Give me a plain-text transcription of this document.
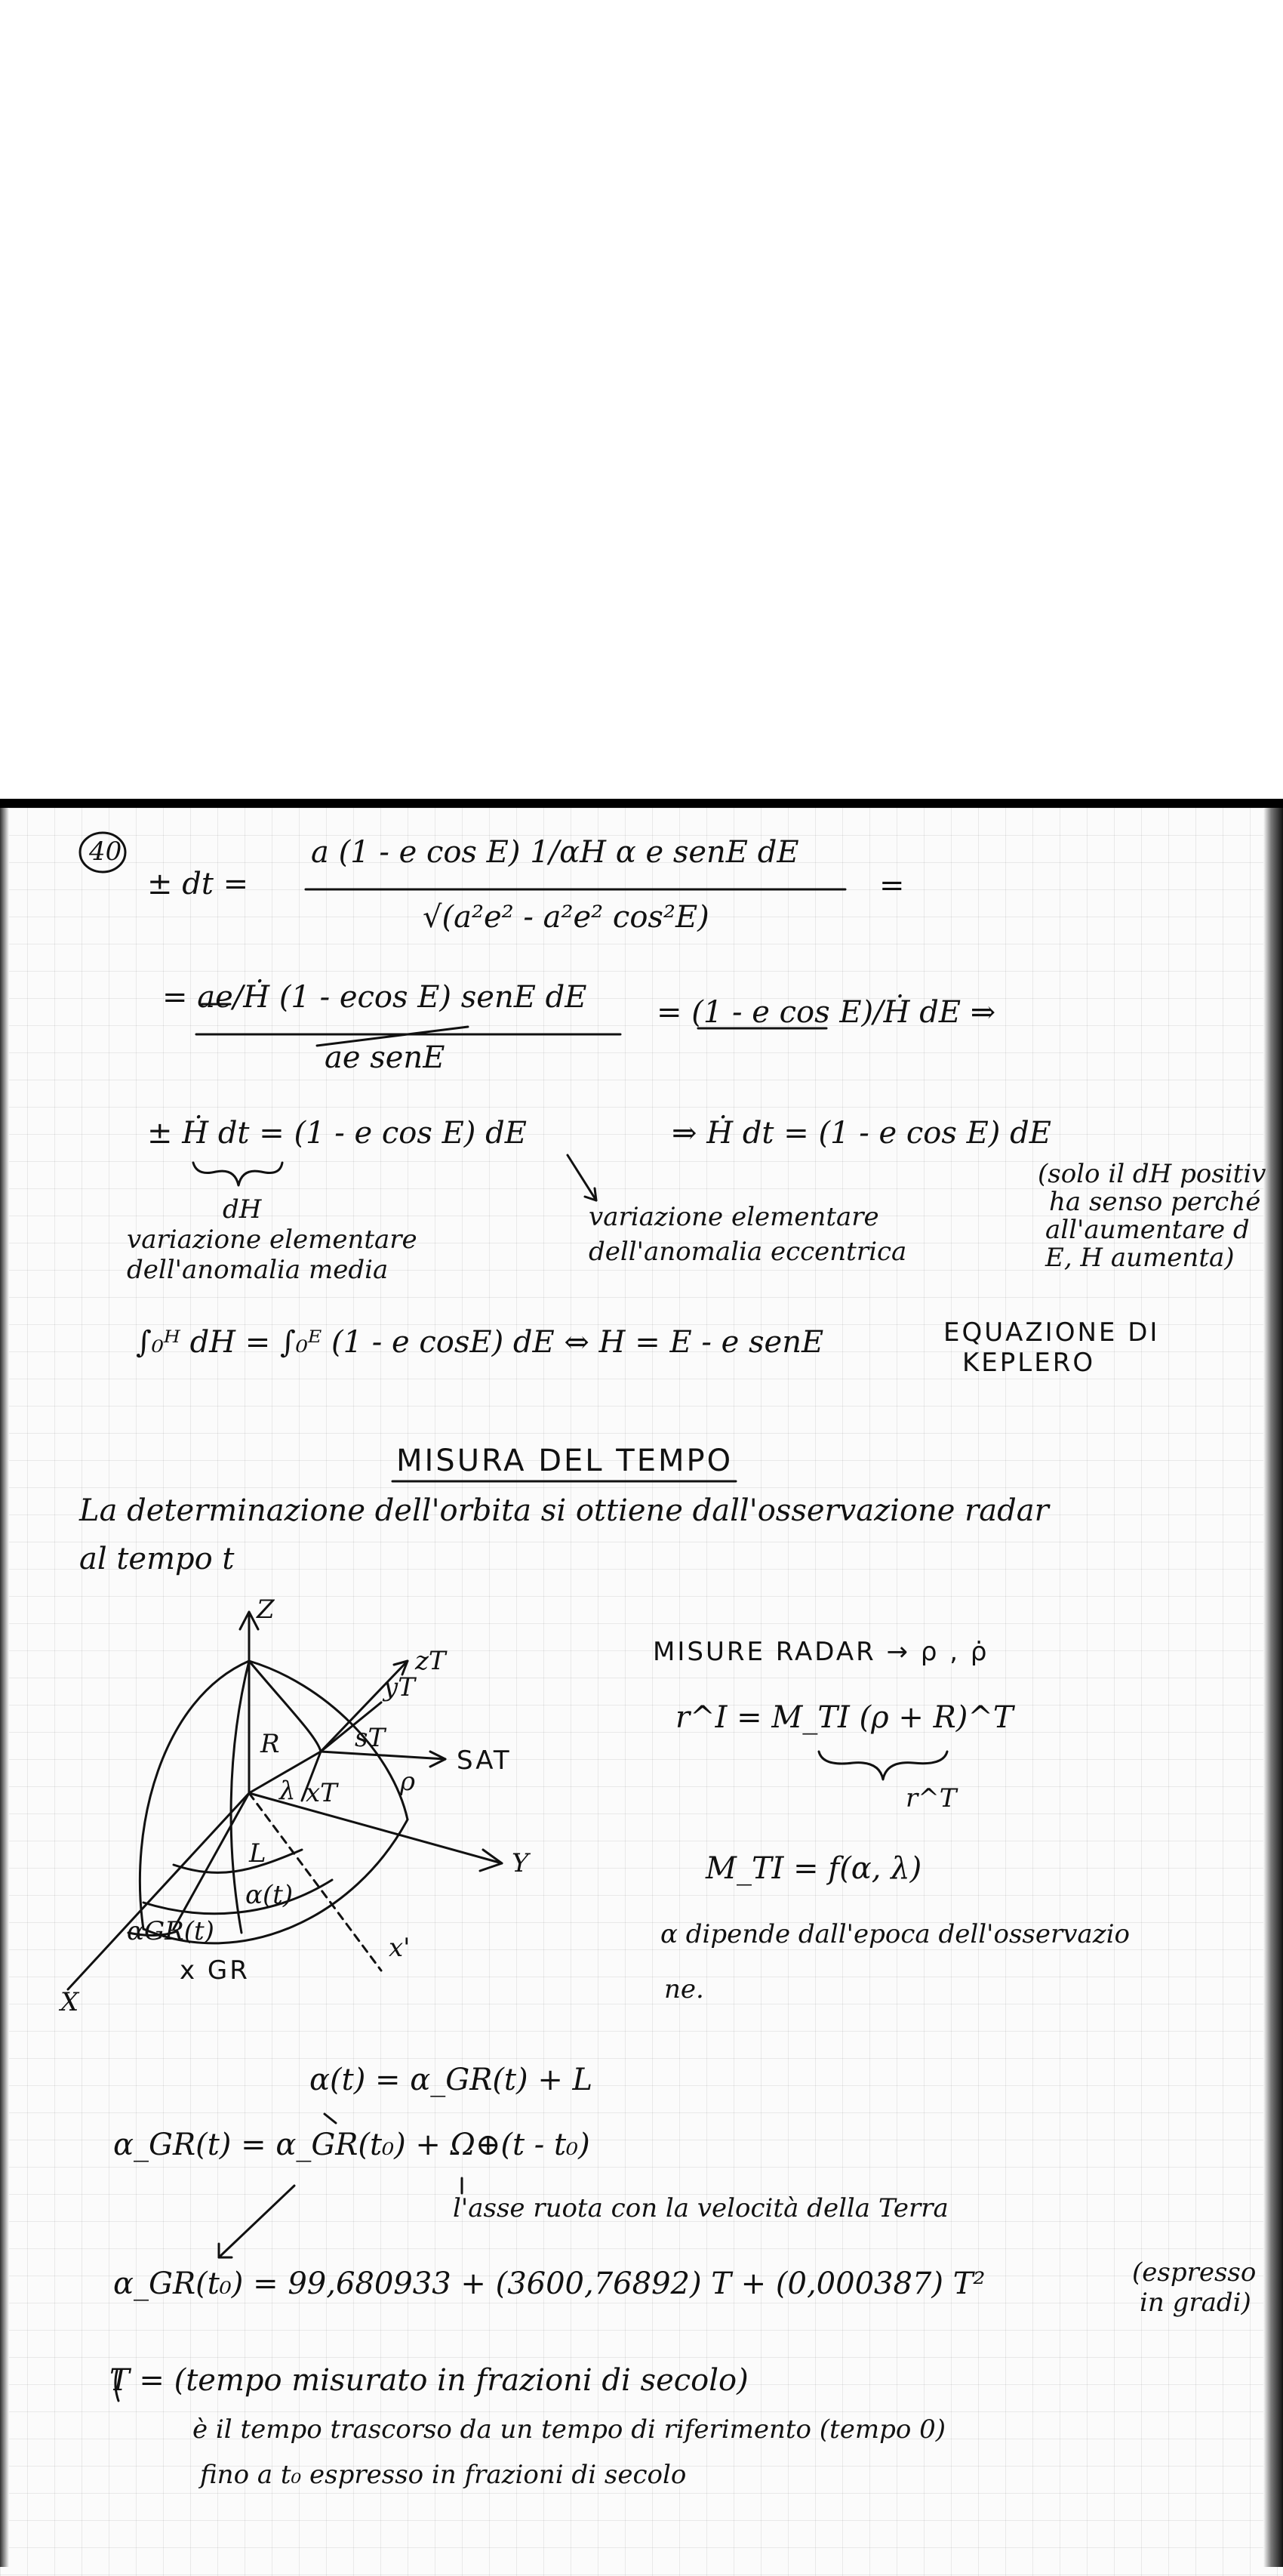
40
± dt =
a (1 - e cos E) 1/αH α e senE dE
√(a²e² - a²e² cos²E)
=
= ae/Ḣ (1 - ecos E) senE dE
ae senE
= (1 - e cos E)/Ḣ dE ⇒
± Ḣ dt = (1 - e cos E) dE	⇒ Ḣ dt = (1 - e cos E) dE
dH
variazione elementare
dell'anomalia media
variazione elementare
dell'anomalia eccentrica
(solo il dH positiv
ha senso perché
all'aumentare d
E, H aumenta)
∫₀ᴴ dH = ∫₀ᴱ (1 - e cosE) dE ⇔ H = E - e senE	EQUAZIONE DI
KEPLERO
MISURA DEL TEMPO
La determinazione dell'orbita si ottiene dall'osservazione radar
al tempo t
Z
Y
X
zT
yT
xT
sT
R
ρ
λ
L
α(t)
αGR(t)
SAT
x GR
x'
MISURE RADAR → ρ , ρ̇
r^I = M_TI (ρ + R)^T
r^T
M_TI = f(α, λ)
α dipende dall'epoca dell'osservazio
ne.
α(t) = α_GR(t) + L
α_GR(t) = α_GR(t₀) + Ω⊕(t - t₀)
l'asse ruota con la velocità della Terra
α_GR(t₀) = 99,680933 + (3600,76892) T + (0,000387) T²	(espresso
in gradi)
T = (tempo misurato in frazioni di secolo)
è il tempo trascorso da un tempo di riferimento (tempo 0)
fino a t₀ espresso in frazioni di secolo
